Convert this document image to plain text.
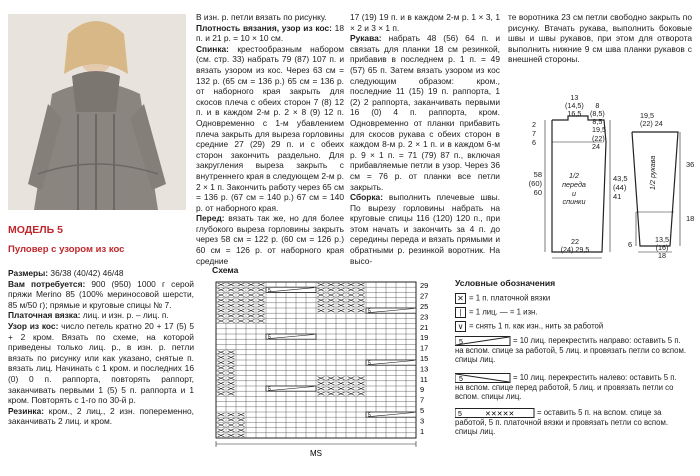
МОДЕЛЬ 5
Пуловер с узором из кос

Размеры: 36/38 (40/42) 46/48

Вам потребуется: 900 (950) 1000 г серой пряжи Merino 85 (100% мериносовой шерсти, 85 м/50 г); прямые и круговые спицы № 7.

Платочная вязка: лиц. и изн. р. – лиц. п.

Узор из кос: число петель кратно 20 + 17 (5) 5 + 2 кром. Вязать по схеме, на которой приведены только лиц. р., в изн. р. петли вязать по рисунку или как указано, снятые п. вязать лиц. Начинать с 1 кром. и последних 16 (0) 0 п. раппорта, повторять раппорт, заканчивать первыми 1 (5) 5 п. раппорта и 1 кром. Повторять с 1-го по 30-й р.

Резинка: кром., 2 лиц., 2 изн. попеременно, заканчивать 2 лиц. и кром.

В изн. р. петли вязать по рисунку.

Плотность вязания, узор из кос: 18 п. и 21 р. = 10 × 10 см.

Спинка: крестообразным набором (см. стр. 33) набрать 79 (87) 107 п. и вязать узором из кос. Через 63 см = 132 р. (65 см = 136 р.) 65 см = 136 р. от наборного края закрыть для скосов плеча с обеих сторон 7 (8) 12 п. и в каждом 2-м р. 2 × 8 (9) 12 п. Одновременно с 1-м убавлением плеча закрыть для выреза горловины средние 27 (29) 29 п. и с обеих сторон закончить раздельно. Для закругления выреза закрыть с внутреннего края в следующем 2-м р. 2 × 1 п. Закончить работу через 65 см = 136 р. (67 см = 140 р.) 67 см = 140 р. от наборного края.

Перед: вязать так же, но для более глубокого выреза горловины закрыть через 58 см = 122 р. (60 см = 126 р.) 60 см = 126 р. от наборного края средние

17 (19) 19 п. и в каждом 2-м р. 1 × 3, 1 × 2 и 3 × 1 п.

Рукава: набрать 48 (56) 64 п. и связать для планки 18 см резинкой, прибавив в последнем р. 1 п. = 49 (57) 65 п. Затем вязать узором из кос следующим образом: кром., последние 11 (15) 19 п. раппорта, 1 (2) 2 раппорта, заканчивать первыми 16 (0) 4 п. раппорта, кром. Одновременно от планки прибавить для скосов рукава с обеих сторон в каждом 8-м р. 2 × 1 п. и в каждом 6-м р. 9 × 1 п. = 71 (79) 87 п., включая прибавляемые петли в узор. Через 36 см = 76 р. от планки все петли закрыть.

Сборка: выполнить плечевые швы. По вырезу горловины набрать на круговые спицы 116 (120) 120 п., при этом начать и закончить за 4 п. до середины переда и вязать прямыми и обратными р. резинкой воротник. На высо-

те воротника 23 см петли свободно закрыть по рисунку. Втачать рукава, выполнить боковые швы и швы рукавов, при этом для отворота выполнить нижние 9 см шва планки рукавов с внешней стороны.

58
(60)
60
1/2
переда
и
спинки
43,5
(44)
41
13
(14,5)
16,5
8
(8,5)
8,5
19,5
(22)
24
2
7
6
22
(24) 29,5
19,5
(22) 24
36
18
1/2 рукава
13,5
(16)
18
6
Схема
5
5
5
5
5
5
29
27
25
23
21
19
17
15
13
11
9
7
5
3
1
MS
Условные обозначения
✕ = 1 п. платочной вязки
| = 1 лиц. — = 1 изн.
∨ = снять 1 п. как изн., нить за работой
5	= 10 лиц. перекрестить направо: оставить 5 п. на вспом. спице за работой, 5 лиц. и провязать петли со вспом. спицы лиц.
5	= 10 лиц. перекрестить налево: оставить 5 п. на вспом. спице перед работой, 5 лиц. и провязать петли со вспом. спицы лиц.
5	✕✕✕✕✕	= оставить 5 п. на вспом. спице за работой, 5 п. платочной вязки и провязать петли со вспом. спицы лиц.
